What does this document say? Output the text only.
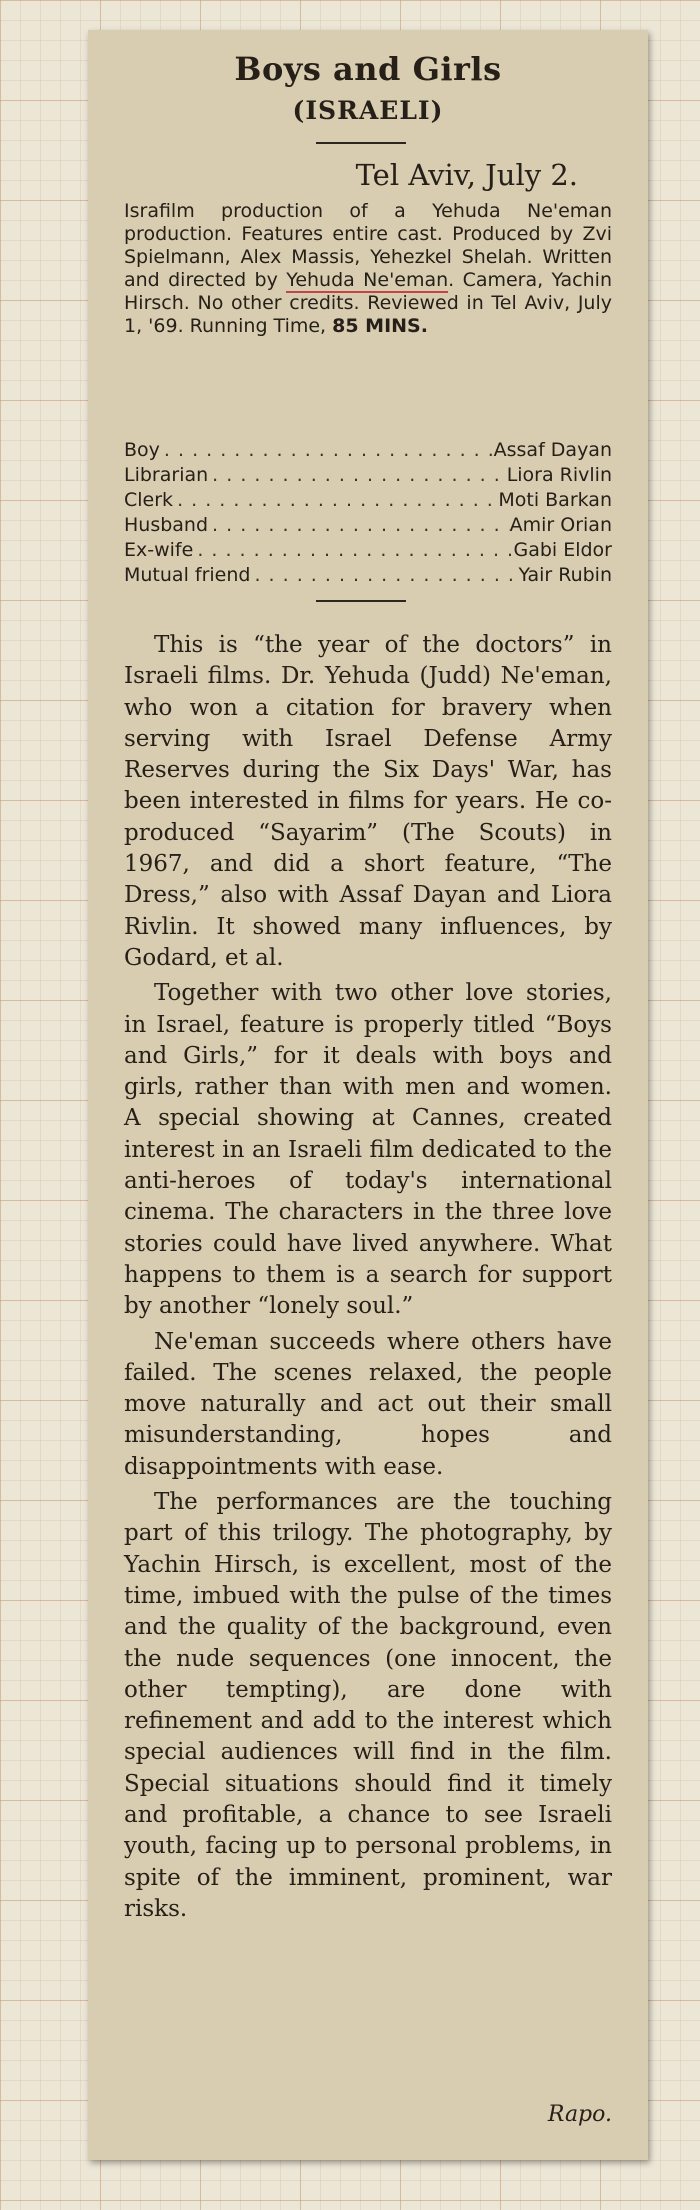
Boys and Girls
(ISRAELI)
Tel Aviv, July 2.
Israfilm production of a Yehuda Ne'eman production. Features entire cast. Produced by Zvi Spielmann, Alex Massis, Yehezkel Shelah. Written and directed by Yehuda Ne'eman. Camera, Yachin Hirsch. No other credits. Reviewed in Tel Aviv, July 1, '69. Running Time, 85 MINS.
Boy . . .	Assaf Dayan
Librarian . . .	Liora Rivlin
Clerk . . .	Moti Barkan
Husband . . .	Amir Orian
Ex-wife . . .	Gabi Eldor
Mutual friend . . .	Yair Rubin

This is “the year of the doctors” in Israeli films. Dr. Yehuda (Judd) Ne'eman, who won a citation for bravery when serving with Israel Defense Army Reserves during the Six Days' War, has been interested in films for years. He co-produced “Sayarim” (The Scouts) in 1967, and did a short feature, “The Dress,” also with Assaf Dayan and Liora Rivlin. It showed many influences, by Godard, et al.

Together with two other love stories, in Israel, feature is properly titled “Boys and Girls,” for it deals with boys and girls, rather than with men and women. A special showing at Cannes, created interest in an Israeli film dedicated to the anti-heroes of today's international cinema. The characters in the three love stories could have lived anywhere. What happens to them is a search for support by another “lonely soul.”

Ne'eman succeeds where others have failed. The scenes relaxed, the people move naturally and act out their small misunderstanding, hopes and disappointments with ease.

The performances are the touching part of this trilogy. The photography, by Yachin Hirsch, is excellent, most of the time, imbued with the pulse of the times and the quality of the background, even the nude sequences (one innocent, the other tempting), are done with refinement and add to the interest which special audiences will find in the film. Special situations should find it timely and profitable, a chance to see Israeli youth, facing up to personal problems, in spite of the imminent, prominent, war risks.

Rapo.
